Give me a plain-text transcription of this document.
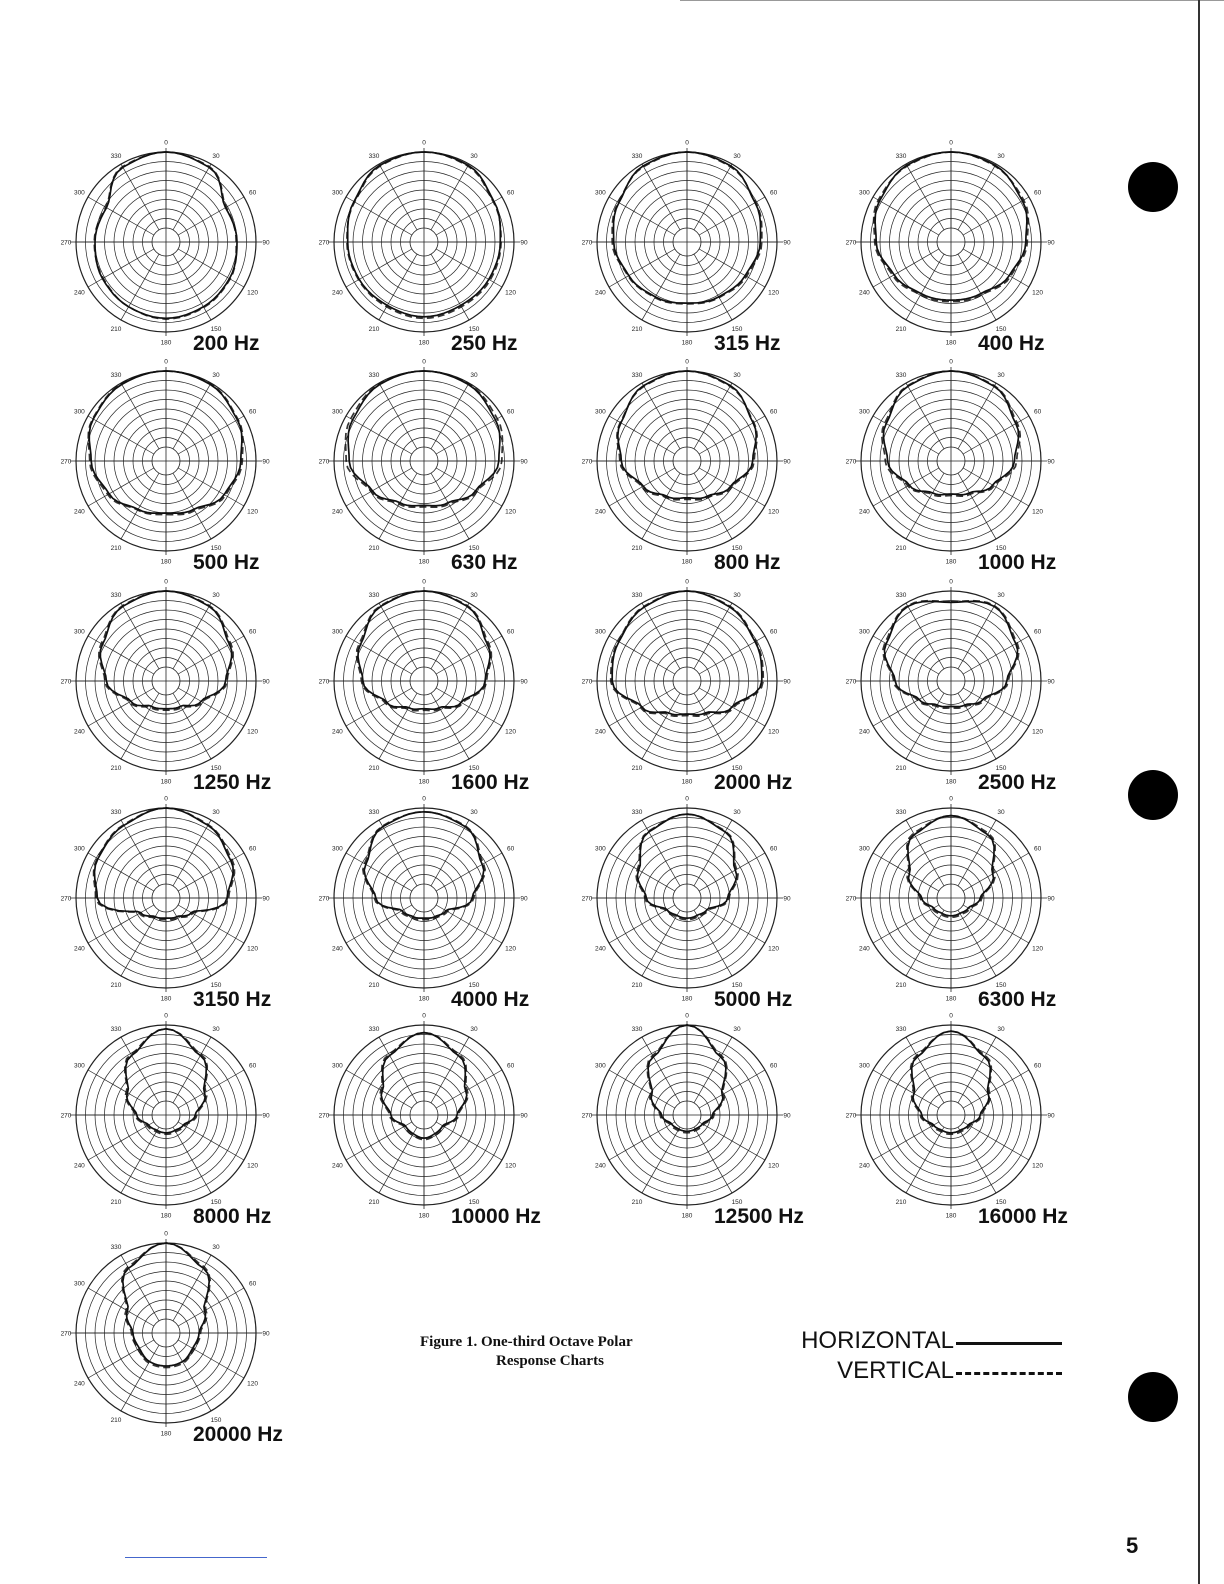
0
30
60
90
120
150
180
210
240
270
300
330
200 Hz
0
30
60
90
120
150
180
210
240
270
300
330
250 Hz
0
30
60
90
120
150
180
210
240
270
300
330
315 Hz
0
30
60
90
120
150
180
210
240
270
300
330
400 Hz
0
30
60
90
120
150
180
210
240
270
300
330
500 Hz
0
30
60
90
120
150
180
210
240
270
300
330
630 Hz
0
30
60
90
120
150
180
210
240
270
300
330
800 Hz
0
30
60
90
120
150
180
210
240
270
300
330
1000 Hz
0
30
60
90
120
150
180
210
240
270
300
330
1250 Hz
0
30
60
90
120
150
180
210
240
270
300
330
1600 Hz
0
30
60
90
120
150
180
210
240
270
300
330
2000 Hz
0
30
60
90
120
150
180
210
240
270
300
330
2500 Hz
0
30
60
90
120
150
180
210
240
270
300
330
3150 Hz
0
30
60
90
120
150
180
210
240
270
300
330
4000 Hz
0
30
60
90
120
150
180
210
240
270
300
330
5000 Hz
0
30
60
90
120
150
180
210
240
270
300
330
6300 Hz
0
30
60
90
120
150
180
210
240
270
300
330
8000 Hz
0
30
60
90
120
150
180
210
240
270
300
330
10000 Hz
0
30
60
90
120
150
180
210
240
270
300
330
12500 Hz
0
30
60
90
120
150
180
210
240
270
300
330
16000 Hz
0
30
60
90
120
150
180
210
240
270
300
330
20000 Hz
Figure 1. One-third Octave Polar
Response Charts
HORIZONTAL
VERTICAL
5
